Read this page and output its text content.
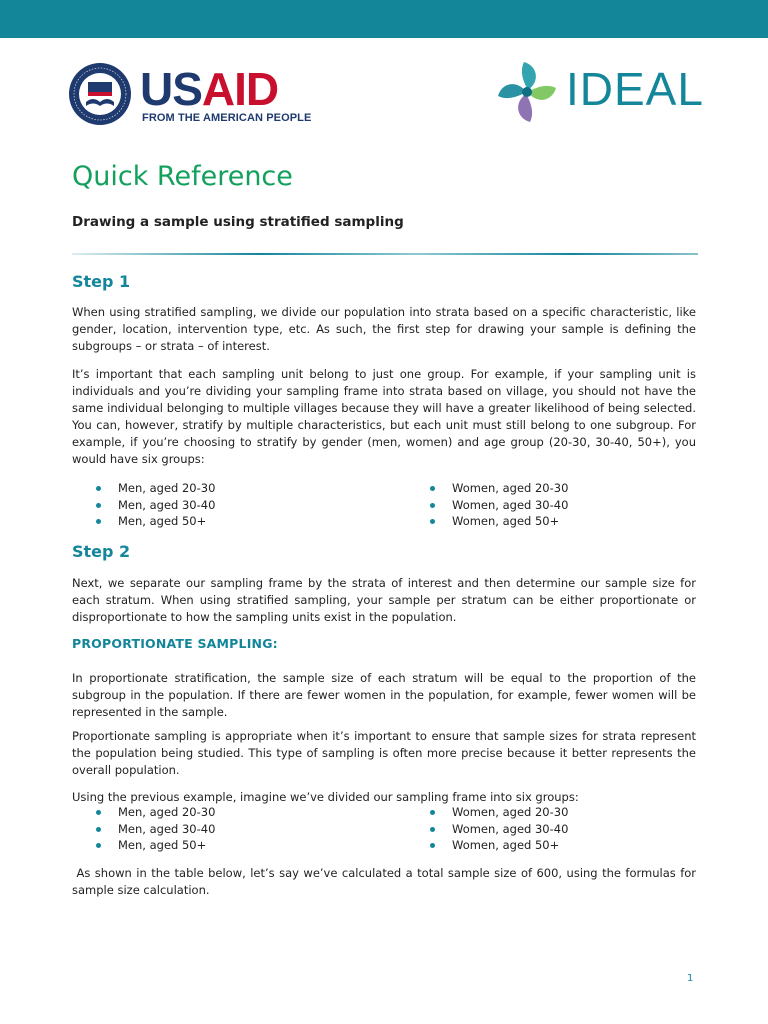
USAID
FROM THE AMERICAN PEOPLE
IDEAL
Quick Reference
Drawing a sample using stratified sampling
Step 1
When using stratified sampling, we divide our population into strata based on a specific characteristic, like gender, location, intervention type, etc. As such, the first step for drawing your sample is defining the subgroups – or strata – of interest.
It’s important that each sampling unit belong to just one group. For example, if your sampling unit is individuals and you’re dividing your sampling frame into strata based on village, you should not have the same individual belonging to multiple villages because they will have a greater likelihood of being selected. You can, however, stratify by multiple characteristics, but each unit must still belong to one subgroup. For example, if you’re choosing to stratify by gender (men, women) and age group (20-30, 30-40, 50+), you would have six groups:
Men, aged 20-30
Men, aged 30-40
Men, aged 50+
Women, aged 20-30
Women, aged 30-40
Women, aged 50+
Step 2
Next, we separate our sampling frame by the strata of interest and then determine our sample size for each stratum. When using stratified sampling, your sample per stratum can be either proportionate or disproportionate to how the sampling units exist in the population.
PROPORTIONATE SAMPLING:
In proportionate stratification, the sample size of each stratum will be equal to the proportion of the subgroup in the population. If there are fewer women in the population, for example, fewer women will be represented in the sample.
Proportionate sampling is appropriate when it’s important to ensure that sample sizes for strata represent the population being studied. This type of sampling is often more precise because it better represents the overall population.
Using the previous example, imagine we’ve divided our sampling frame into six groups:
Men, aged 20-30
Men, aged 30-40
Men, aged 50+
Women, aged 20-30
Women, aged 30-40
Women, aged 50+
As shown in the table below, let’s say we’ve calculated a total sample size of 600, using the formulas for sample size calculation.
1
